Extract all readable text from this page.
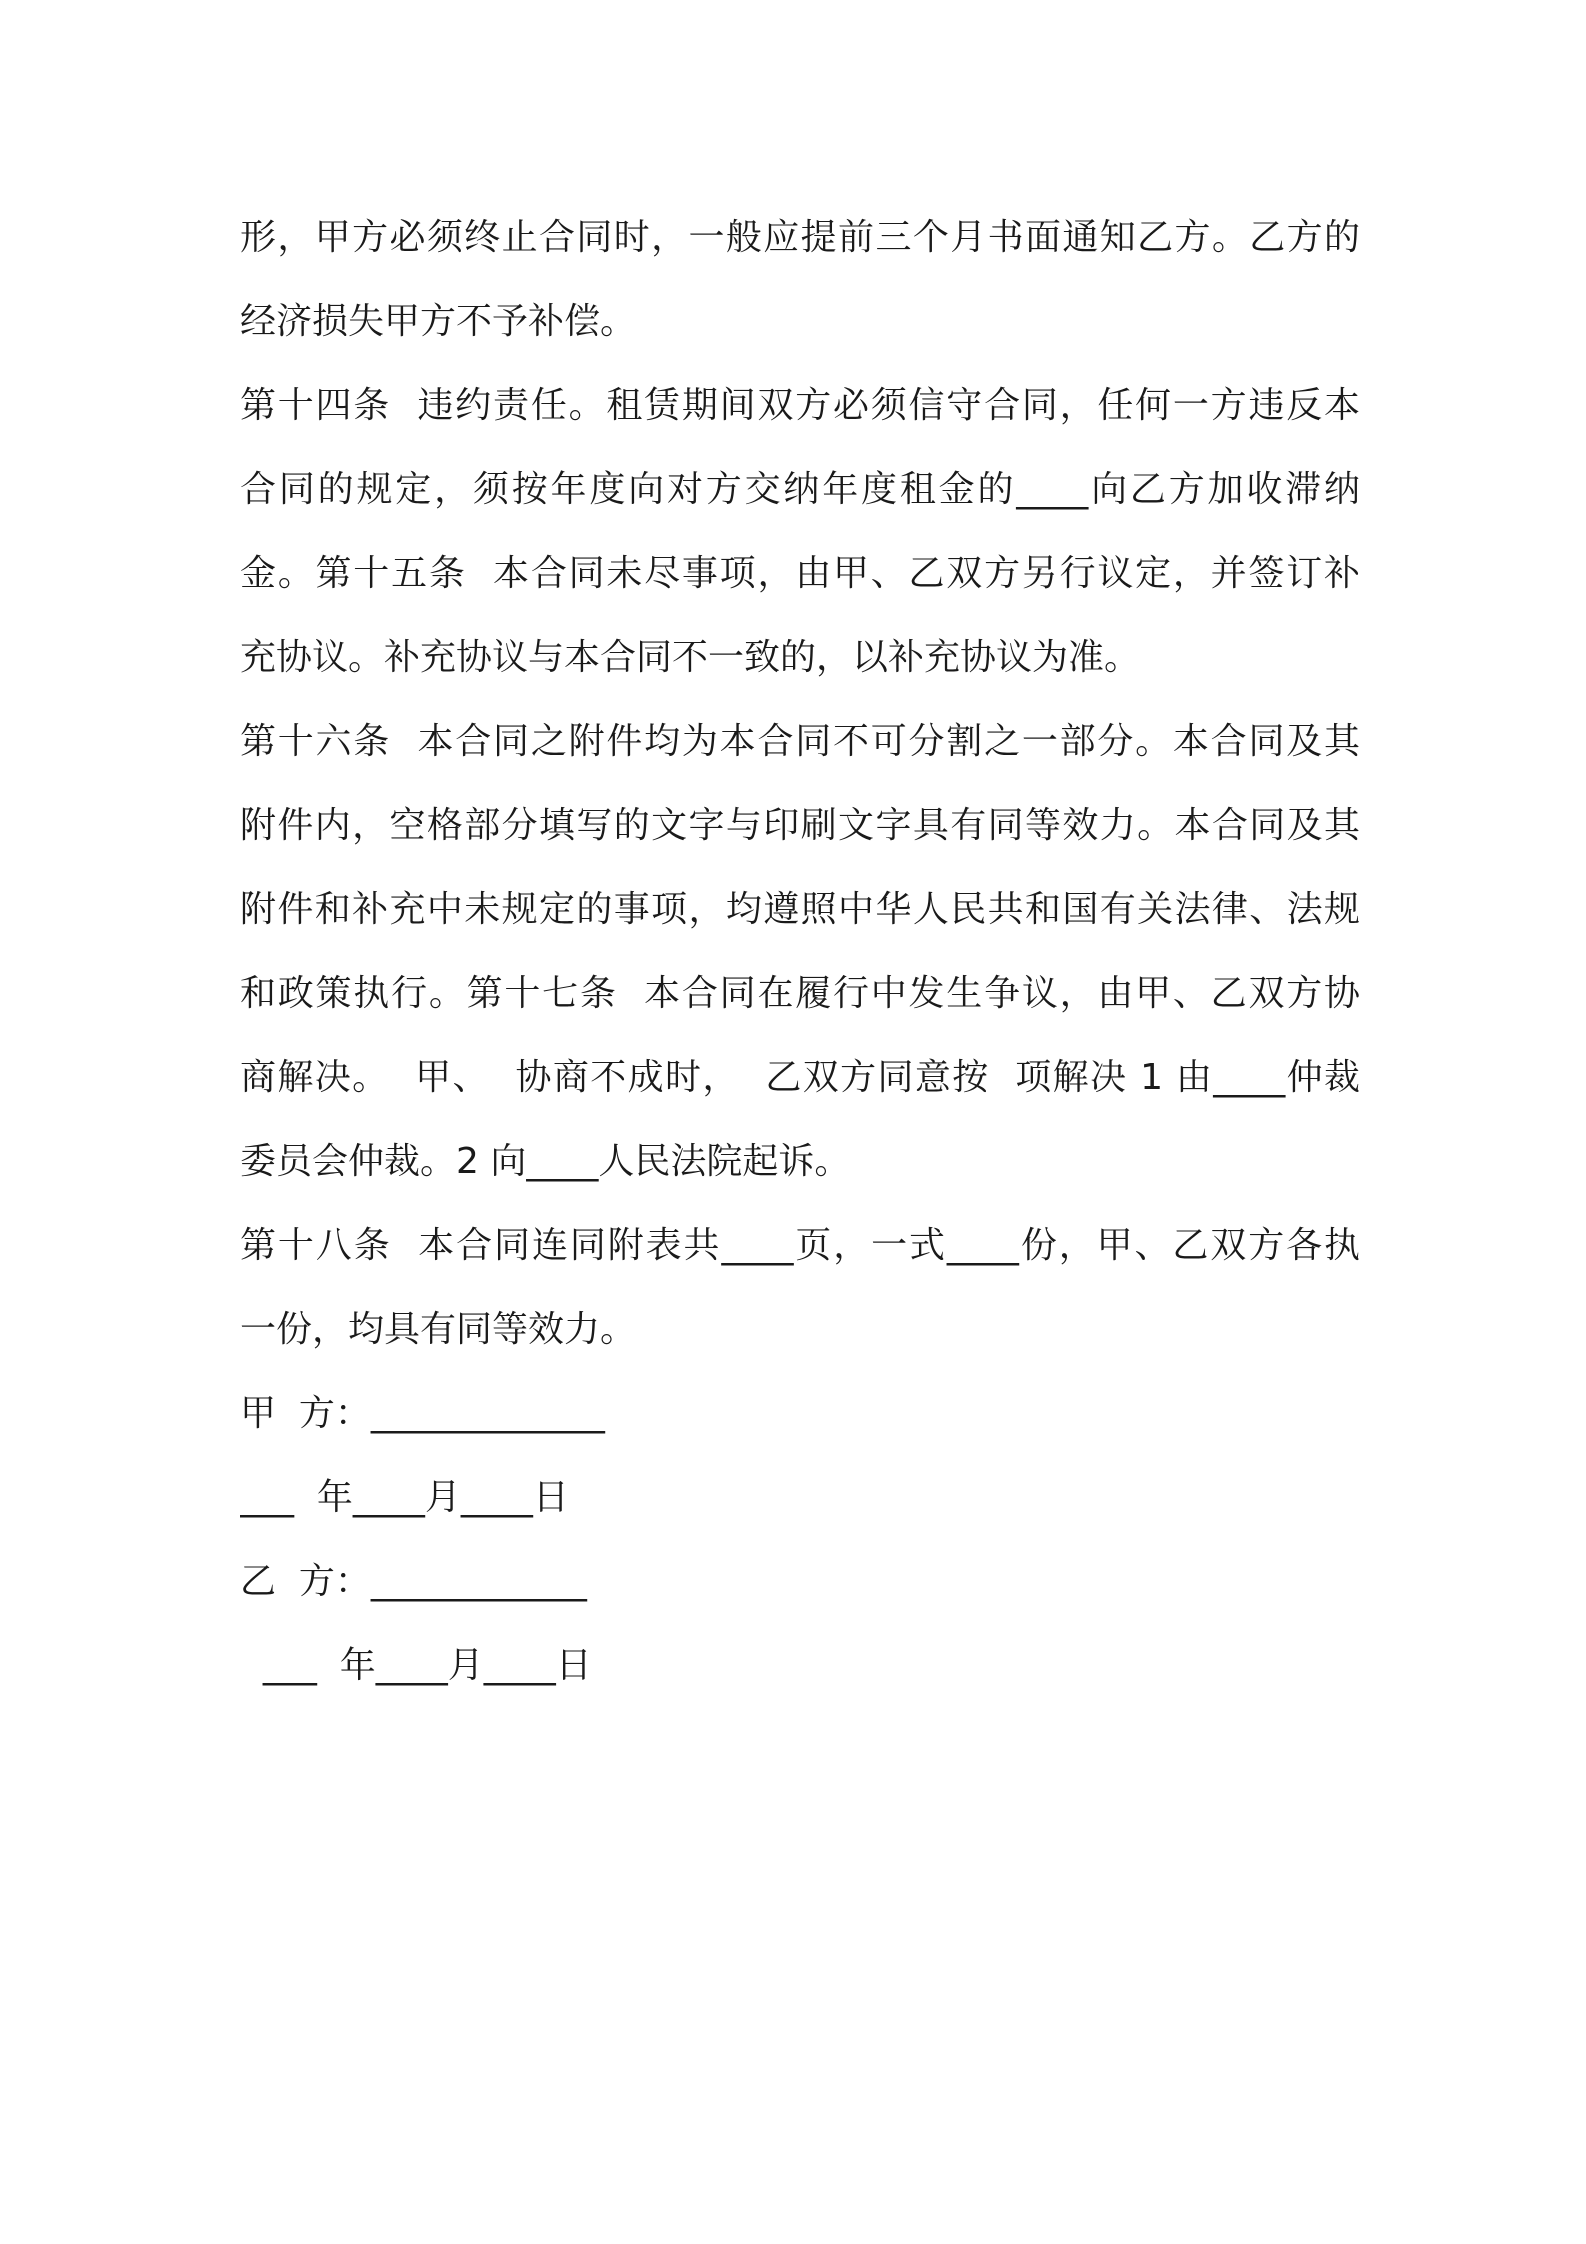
形，甲方必须终止合同时，一般应提前三个月书面通知乙方。乙方的
经济损失甲方不予补偿。
第十四条  违约责任。租赁期间双方必须信守合同，任何一方违反本
合同的规定，须按年度向对方交纳年度租金的____向乙方加收滞纳
金。第十五条  本合同未尽事项，由甲、乙双方另行议定，并签订补
充协议。补充协议与本合同不一致的，以补充协议为准。
第十六条  本合同之附件均为本合同不可分割之一部分。本合同及其
附件内，空格部分填写的文字与印刷文字具有同等效力。本合同及其
附件和补充中未规定的事项，均遵照中华人民共和国有关法律、法规
和政策执行。第十七条  本合同在履行中发生争议，由甲、乙双方协
商解决。  甲、  协商不成时，  乙双方同意按  项解决 1 由____仲裁
委员会仲裁。2 向____人民法院起诉。
第十八条  本合同连同附表共____页，一式____份，甲、乙双方各执
一份，均具有同等效力。
甲  方：_____________
___  年____月____日
乙  方：____________
___  年____月____日
